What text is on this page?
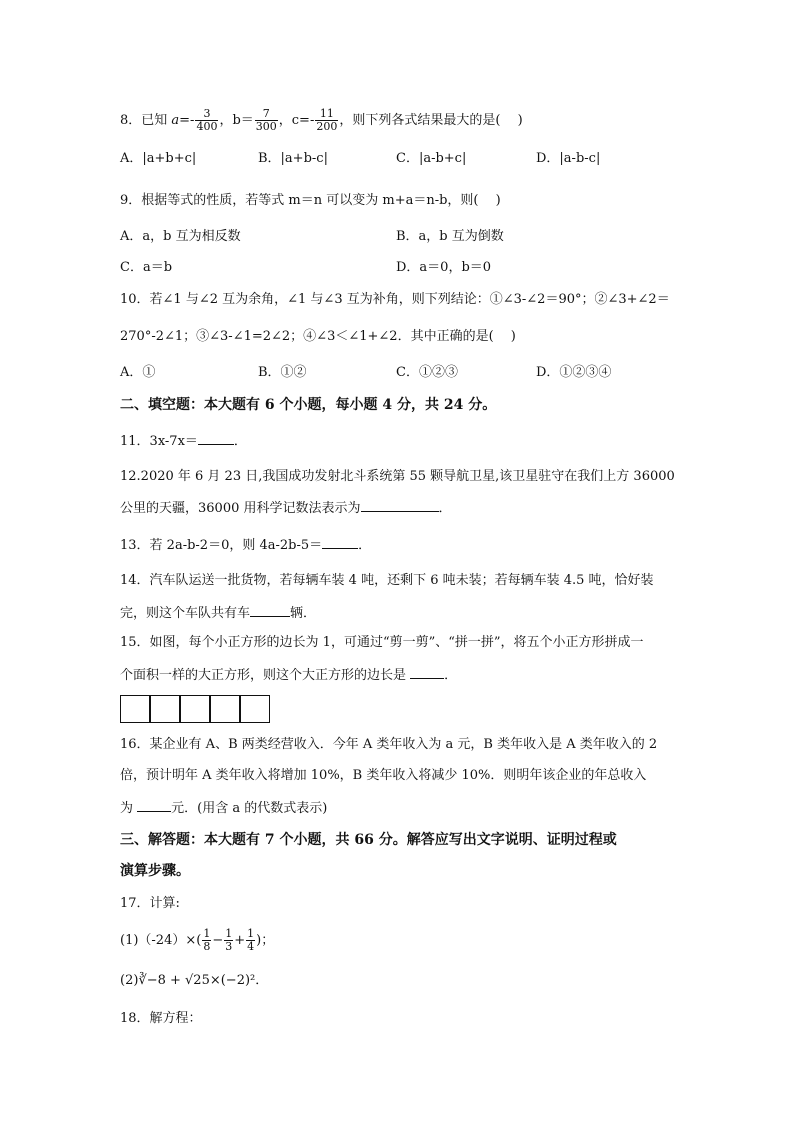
8．已知 $a=- \frac{3}{400}$ ，$b= \frac{7}{300}$ ，$c=- \frac{11}{200}$ ，则下列各式结果最大的是(　 )
A．|a+b+c|	B．|a+b-c|	C．|a-b+c|	D．|a-b-c|
9．根据等式的性质，若等式 m＝n 可以变为 m+a＝n-b，则(　 )
A．a，b 互为相反数	B．a，b 互为倒数
C．a＝b	D．a＝0，b＝0
10．若∠1 与∠2 互为余角，∠1 与∠3 互为补角，则下列结论：①∠3-∠2＝90°；②∠3+∠2＝
270°-2∠1；③∠3-∠1=2∠2；④∠3＜∠1+∠2．其中正确的是(　 )
A．①	B．①②	C．①②③	D．①②③④
二、填空题：本大题有 6 个小题，每小题 4 分，共 24 分。
11．3x-7x＝	．
12.2020 年 6 月 23 日,我国成功发射北斗系统第 55 颗导航卫星,该卫星驻守在我们上方 36000
公里的天疆，36000 用科学记数法表示为	．
13．若 2a-b-2＝0，则 4a-2b-5＝	．
14．汽车队运送一批货物，若每辆车装 4 吨，还剩下 6 吨未装；若每辆车装 4.5 吨，恰好装
完，则这个车队共有车	辆．
15．如图，每个小正方形的边长为 1，可通过“剪一剪”、“拼一拼”，将五个小正方形拼成一
个面积一样的大正方形，则这个大正方形的边长是	．
16．某企业有 A、B 两类经营收入．今年 A 类年收入为 a 元，B 类年收入是 A 类年收入的 2
倍，预计明年 A 类年收入将增加 10%，B 类年收入将减少 10%．则明年该企业的年总收入
为	元．(用含 a 的代数式表示)
三、解答题：本大题有 7 个小题，共 66 分。解答应写出文字说明、证明过程或
演算步骤。
17．计算:
$(1)(-24)\times( \frac{1}{8} - \frac{1}{3} + \frac{1}{4}$ )；
(2)∛−8 + √25×(−2)²．
18．解方程：
